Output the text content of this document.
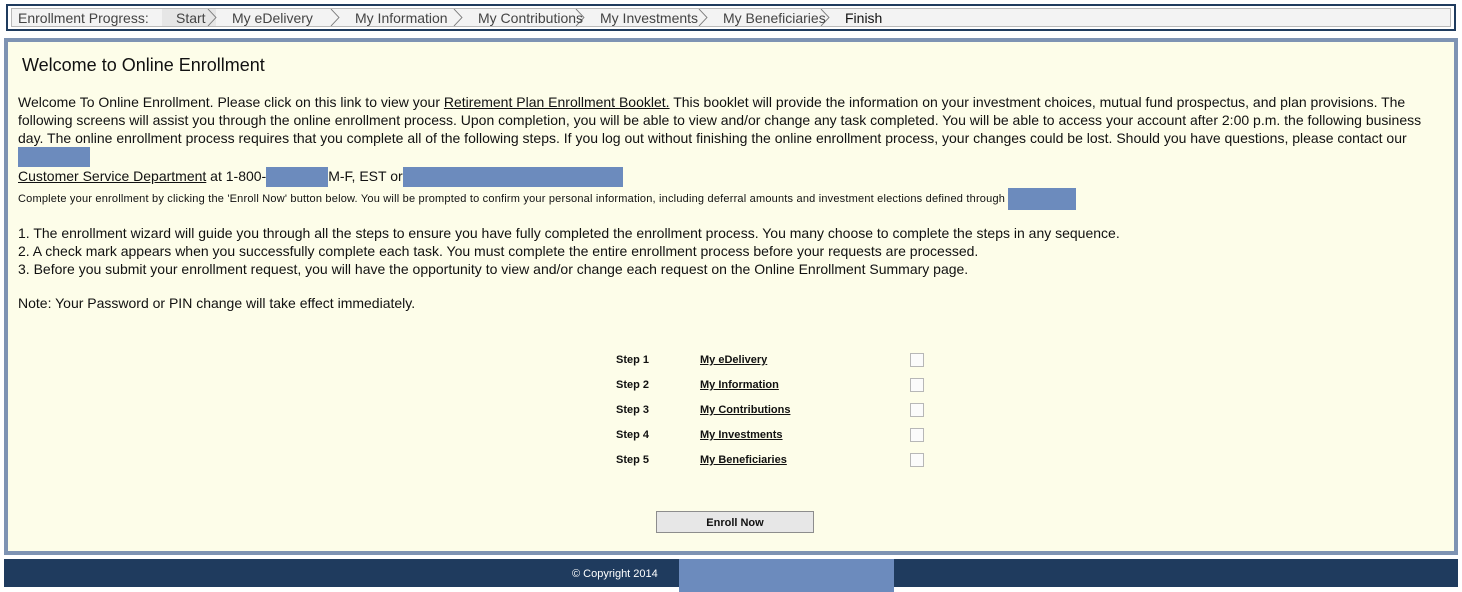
Enrollment Progress:	Start My eDelivery	My Information My Contributions My Investments My Beneficiaries Finish
Welcome to Online Enrollment
Welcome To Online Enrollment. Please click on this link to view your Retirement Plan Enrollment Booklet. This booklet will provide the information on your investment choices, mutual fund prospectus, and plan provisions. The following screens will assist you through the online enrollment process. Upon completion, you will be able to view and/or change any task completed. You will be able to access your account after 2:00 p.m. the following business day. The online enrollment process requires that you complete all of the following steps. If you log out without finishing the online enrollment process, your changes could be lost. Should you have questions, please contact our
Customer Service Department at 1-800-	M-F, EST or
Complete your enrollment by clicking the 'Enroll Now' button below. You will be prompted to confirm your personal information, including deferral amounts and investment elections defined through
1. The enrollment wizard will guide you through all the steps to ensure you have fully completed the enrollment process. You many choose to complete the steps in any sequence.
2. A check mark appears when you successfully complete each task. You must complete the entire enrollment process before your requests are processed.
3. Before you submit your enrollment request, you will have the opportunity to view and/or change each request on the Online Enrollment Summary page.
Note: Your Password or PIN change will take effect immediately.
Step 1	My eDelivery
Step 2	My Information
Step 3	My Contributions
Step 4	My Investments
Step 5	My Beneficiaries
Enroll Now
© Copyright 2014
